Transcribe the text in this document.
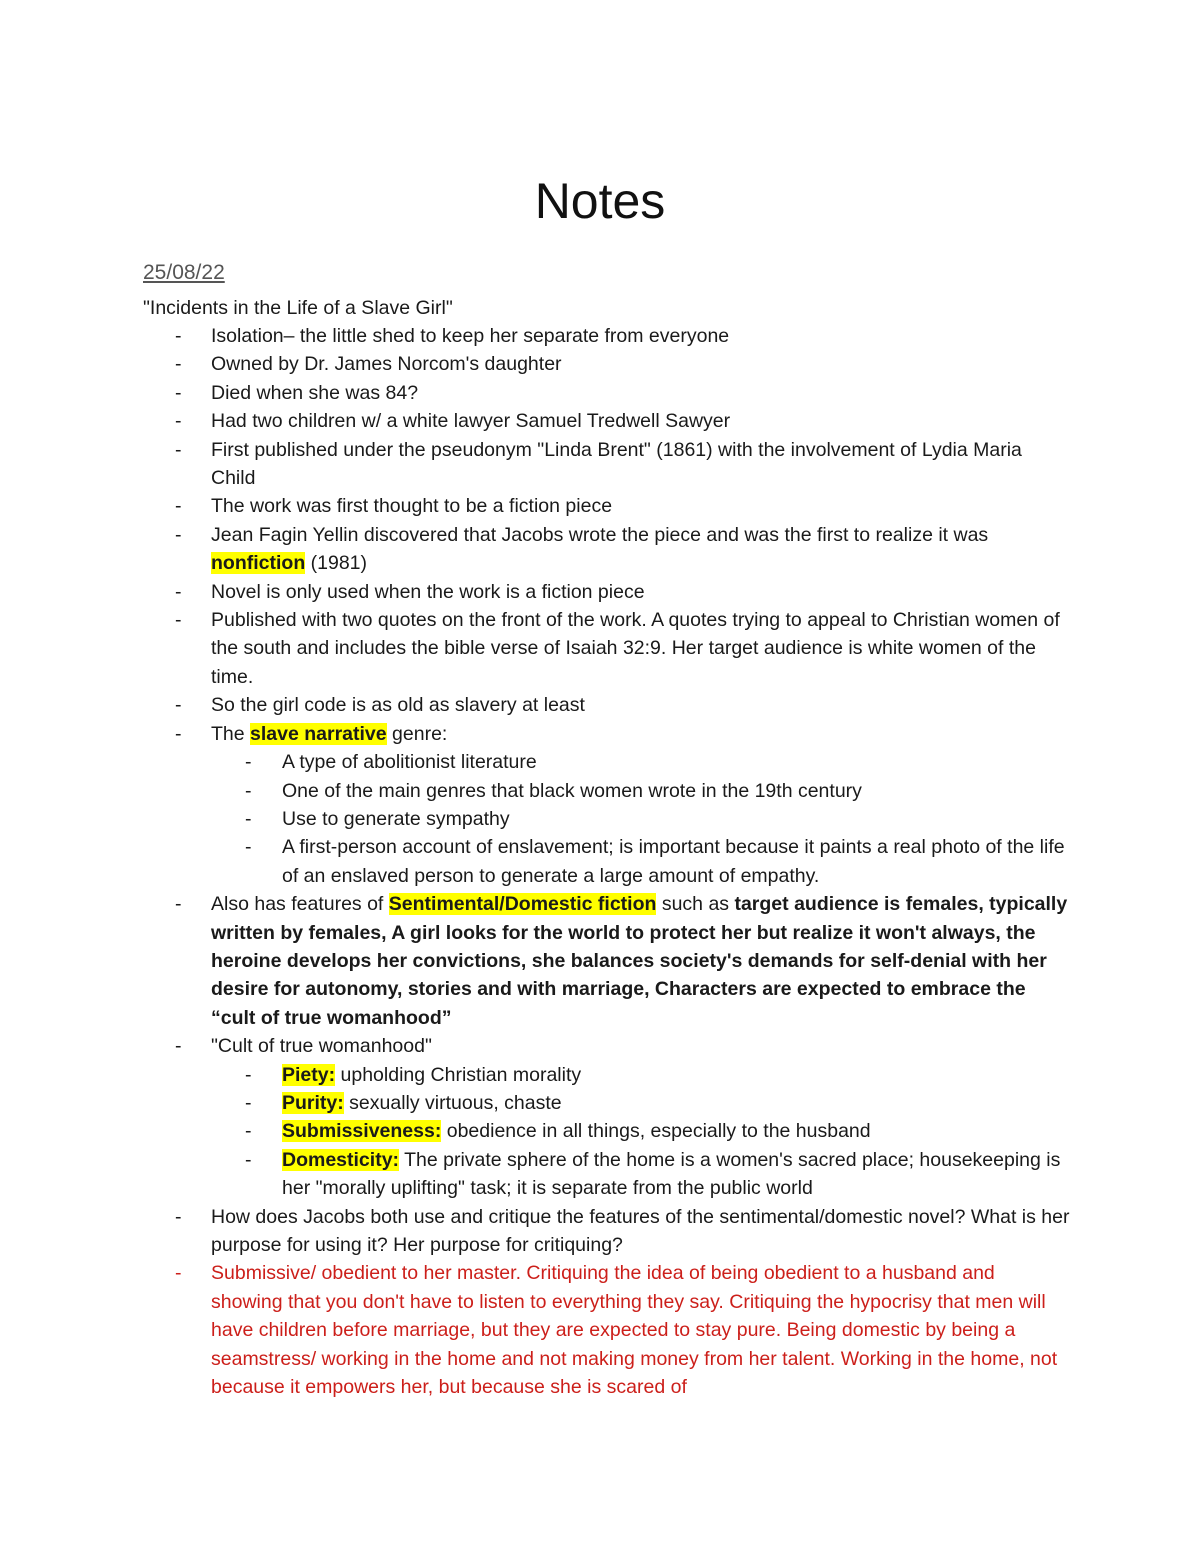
Notes
25/08/22
"Incidents in the Life of a Slave Girl"
- Isolation– the little shed to keep her separate from everyone
- Owned by Dr. James Norcom's daughter
- Died when she was 84?
- Had two children w/ a white lawyer Samuel Tredwell Sawyer
- First published under the pseudonym "Linda Brent" (1861) with the involvement of Lydia Maria Child
- The work was first thought to be a fiction piece
- Jean Fagin Yellin discovered that Jacobs wrote the piece and was the first to realize it was nonfiction (1981)
- Novel is only used when the work is a fiction piece
- Published with two quotes on the front of the work. A quotes trying to appeal to Christian women of the south and includes the bible verse of Isaiah 32:9. Her target audience is white women of the time.
- So the girl code is as old as slavery at least
- The slave narrative genre:
- A type of abolitionist literature
- One of the main genres that black women wrote in the 19th century
- Use to generate sympathy
- A first-person account of enslavement; is important because it paints a real photo of the life of an enslaved person to generate a large amount of empathy.
- Also has features of Sentimental/Domestic fiction such as target audience is females, typically written by females, A girl looks for the world to protect her but realize it won't always, the heroine develops her convictions, she balances society's demands for self-denial with her desire for autonomy, stories and with marriage, Characters are expected to embrace the “cult of true womanhood”
- "Cult of true womanhood"
- Piety: upholding Christian morality
- Purity: sexually virtuous, chaste
- Submissiveness: obedience in all things, especially to the husband
- Domesticity: The private sphere of the home is a women's sacred place; housekeeping is her "morally uplifting" task; it is separate from the public world
- How does Jacobs both use and critique the features of the sentimental/domestic novel? What is her purpose for using it? Her purpose for critiquing?
- Submissive/ obedient to her master. Critiquing the idea of being obedient to a husband and showing that you don't have to listen to everything they say. Critiquing the hypocrisy that men will have children before marriage, but they are expected to stay pure. Being domestic by being a seamstress/ working in the home and not making money from her talent. Working in the home, not because it empowers her, but because she is scared of
